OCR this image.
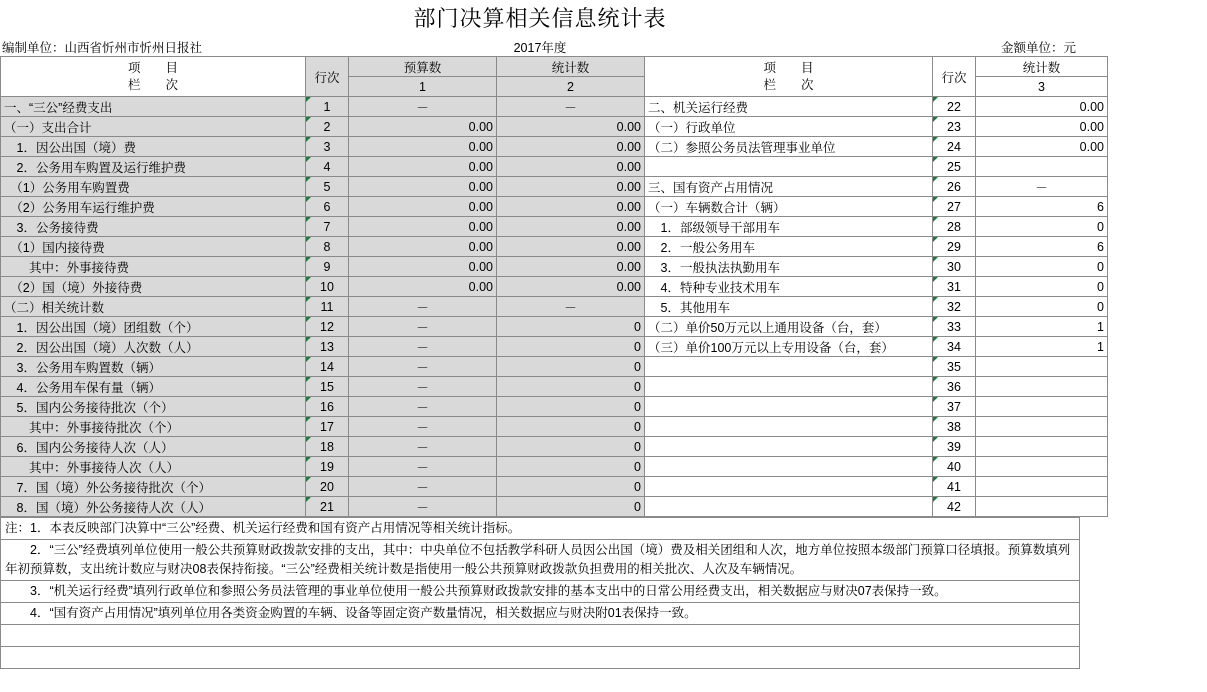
部门决算相关信息统计表
编制单位：山西省忻州市忻州日报社	2017年度	金额单位：元
项　　目
栏　　次	行次	预算数	统计数	项　　目
栏　　次	行次	统计数
		1	2			3
一、“三公”经费支出	1	－	－	二、机关运行经费	22	0.00
（一）支出合计	2	0.00	0.00	（一）行政单位	23	0.00
　1．因公出国（境）费	3	0.00	0.00	（二）参照公务员法管理事业单位	24	0.00
　2．公务用车购置及运行维护费	4	0.00	0.00		25	
　（1）公务用车购置费	5	0.00	0.00	三、国有资产占用情况	26	－
　（2）公务用车运行维护费	6	0.00	0.00	（一）车辆数合计（辆）	27	6
　3．公务接待费	7	0.00	0.00	　1．部级领导干部用车	28	0
　（1）国内接待费	8	0.00	0.00	　2．一般公务用车	29	6
　　其中：外事接待费	9	0.00	0.00	　3．一般执法执勤用车	30	0
　（2）国（境）外接待费	10	0.00	0.00	　4．特种专业技术用车	31	0
（二）相关统计数	11	－	－	　5．其他用车	32	0
　1．因公出国（境）团组数（个）	12	－	0	（二）单价50万元以上通用设备（台，套）	33	1
　2．因公出国（境）人次数（人）	13	－	0	（三）单价100万元以上专用设备（台，套）	34	1
　3．公务用车购置数（辆）	14	－	0		35	
　4．公务用车保有量（辆）	15	－	0		36	
　5．国内公务接待批次（个）	16	－	0		37	
　　其中：外事接待批次（个）	17	－	0		38	
　6．国内公务接待人次（人）	18	－	0		39	
　　其中：外事接待人次（人）	19	－	0		40	
　7．国（境）外公务接待批次（个）	20	－	0		41	
　8．国（境）外公务接待人次（人）	21	－	0		42	
注：1．本表反映部门决算中“三公”经费、机关运行经费和国有资产占用情况等相关统计指标。
　　2．“三公”经费填列单位使用一般公共预算财政拨款安排的支出，其中：中央单位不包括教学科研人员因公出国（境）费及相关团组和人次，地方单位按照本级部门预算口径填报。预算数填列年初预算数，支出统计数应与财决08表保持衔接。“三公”经费相关统计数是指使用一般公共预算财政拨款负担费用的相关批次、人次及车辆情况。
　　3．“机关运行经费”填列行政单位和参照公务员法管理的事业单位使用一般公共预算财政拨款安排的基本支出中的日常公用经费支出，相关数据应与财决07表保持一致。
　　4．“国有资产占用情况”填列单位用各类资金购置的车辆、设备等固定资产数量情况，相关数据应与财决附01表保持一致。
